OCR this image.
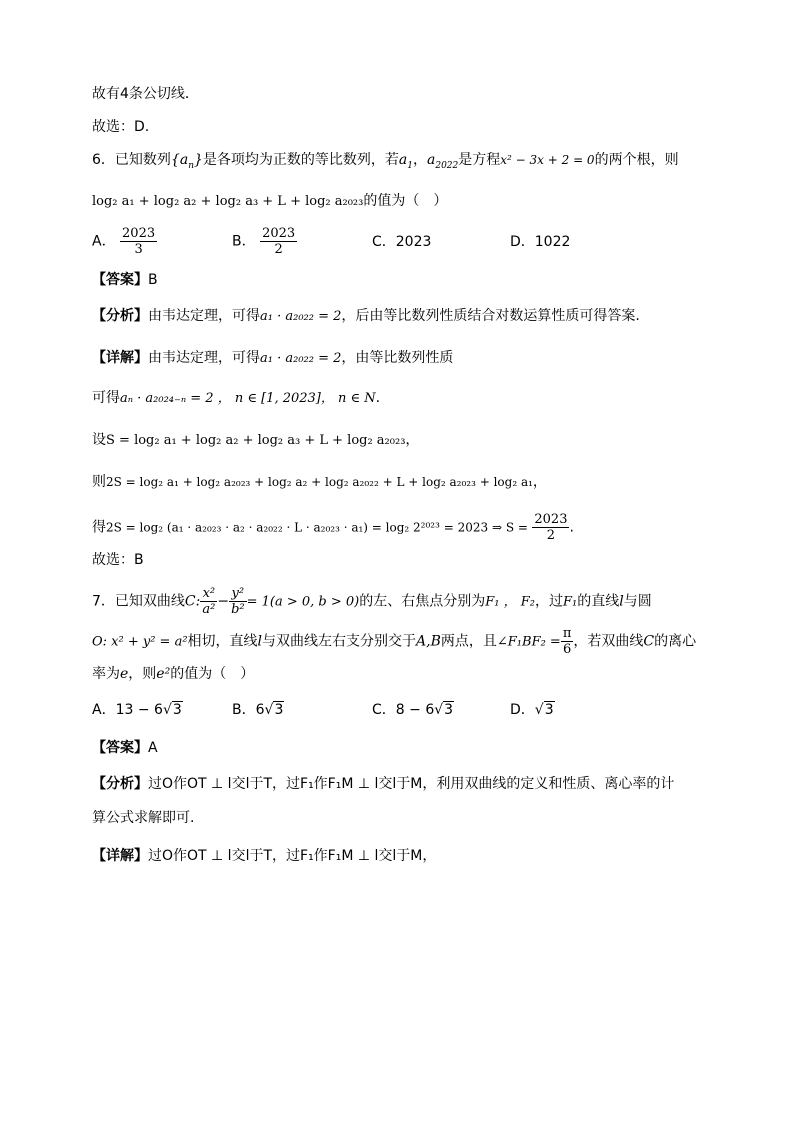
故有4条公切线．
故选：D.
6．已知数列$\{a_n\}$是各项均为正数的等比数列，若$a_1$，$a_{2022}$是方程x² − 3x + 2 = 0的两个根，则
log₂ a₁ + log₂ a₂ + log₂ a₃ + L + log₂ a₂₀₂₃的值为（　）
A． $\frac{2023}{3}$	B． $\frac{2023}{2}$	C．2023	D．1022
【答案】B
【分析】由韦达定理，可得a₁ · a₂₀₂₂ = 2，后由等比数列性质结合对数运算性质可得答案.
【详解】由韦达定理，可得a₁ · a₂₀₂₂ = 2，由等比数列性质
可得aₙ · a₂₀₂₄₋ₙ = 2 ， n ∈ [1, 2023]， n ∈ N.
设S = log₂ a₁ + log₂ a₂ + log₂ a₃ + L + log₂ a₂₀₂₃，
则2S = log₂ a₁ + log₂ a₂₀₂₃ + log₂ a₂ + log₂ a₂₀₂₂ + L + log₂ a₂₀₂₃ + log₂ a₁，
得2S = log₂ (a₁ · a₂₀₂₃ · a₂ · a₂₀₂₂ · L · a₂₀₂₃ · a₁) = log₂ 2²⁰²³ = 2023 ⇒ $S = \frac{2023}{2}$ .
故选：B
7．已知双曲线C: $\frac{\text{x²}}{\text{a²}} - \frac{\text{y²}}{\text{b²}} = 1(a > 0$, b > 0)的左、右焦点分别为F₁ ， F₂，过F₁的直线l与圆
O: x² + y² = a²相切，直线l与双曲线左右支分别交于A,B两点，且∠F₁BF₂ = $\frac{\pi}{6}$ ，若双曲线C的离心
率为e，则e²的值为（　）
A．13 − 6√3	B．6√3	C．8 − 6√3	D．√3
【答案】A
【分析】过O作OT ⊥ l交l于T，过F₁作F₁M ⊥ l交l于M，利用双曲线的定义和性质、离心率的计
算公式求解即可.
【详解】过O作OT ⊥ l交l于T，过F₁作F₁M ⊥ l交l于M，
